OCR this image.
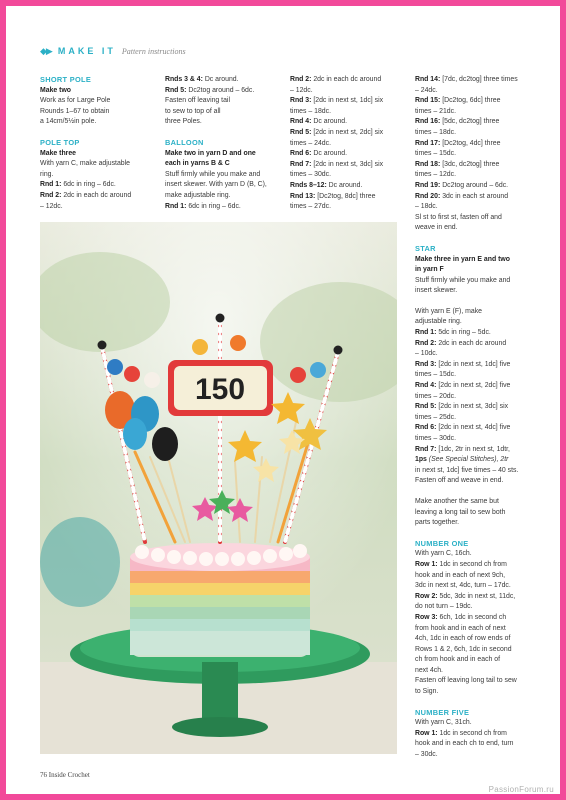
◆▶ MAKE IT Pattern instructions
SHORT POLE
Make two
Work as for Large Pole
Rounds 1–67 to obtain
a 14cm/5½in pole.
POLE TOP
Make three
With yarn C, make adjustable
ring.
Rnd 1: 6dc in ring – 6dc.
Rnd 2: 2dc in each dc around
– 12dc.
Rnds 3 & 4: Dc around.
Rnd 5: Dc2tog around – 6dc.
Fasten off leaving tail
to sew to top of all
three Poles.
BALLOON
Make two in yarn D and one
each in yarns B & C
Stuff firmly while you make and
insert skewer. With yarn D (B, C),
make adjustable ring.
Rnd 1: 6dc in ring – 6dc.
Rnd 2: 2dc in each dc around
– 12dc.
Rnd 3: [2dc in next st, 1dc] six
times – 18dc.
Rnd 4: Dc around.
Rnd 5: [2dc in next st, 2dc] six
times – 24dc.
Rnd 6: Dc around.
Rnd 7: [2dc in next st, 3dc] six
times – 30dc.
Rnds 8–12: Dc around.
Rnd 13: [Dc2tog, 8dc] three
times – 27dc.
Rnd 14: [7dc, dc2tog] three times
– 24dc.
Rnd 15: [Dc2tog, 6dc] three
times – 21dc.
Rnd 16: [5dc, dc2tog] three
times – 18dc.
Rnd 17: [Dc2tog, 4dc] three
times – 15dc.
Rnd 18: [3dc, dc2tog] three
times – 12dc.
Rnd 19: Dc2tog around – 6dc.
Rnd 20: 3dc in each st around
– 18dc.
Sl st to first st, fasten off and
weave in end.
STAR
Make three in yarn E and two
in yarn F
Stuff firmly while you make and
insert skewer.
With yarn E (F), make
adjustable ring.
Rnd 1: 5dc in ring – 5dc.
Rnd 2: 2dc in each dc around
– 10dc.
Rnd 3: [2dc in next st, 1dc] five
times – 15dc.
Rnd 4: [2dc in next st, 2dc] five
times – 20dc.
Rnd 5: [2dc in next st, 3dc] six
times – 25dc.
Rnd 6: [2dc in next st, 4dc] five
times – 30dc.
Rnd 7: [1dc, 2tr in next st, 1dtr,
1ps (See Special Stitches), 2tr
in next st, 1dc] five times – 40 sts.
Fasten off and weave in end.
Make another the same but
leaving a long tail to sew both
parts together.
NUMBER ONE
With yarn C, 16ch.
Row 1: 1dc in second ch from
hook and in each of next 9ch,
3dc in next st, 4dc, turn – 17dc.
Row 2: 5dc, 3dc in next st, 11dc,
do not turn – 19dc.
Row 3: 6ch, 1dc in second ch
from hook and in each of next
4ch, 1dc in each of row ends of
Rows 1 & 2, 6ch, 1dc in second
ch from hook and in each of
next 4ch.
Fasten off leaving long tail to sew
to Sign.
NUMBER FIVE
With yarn C, 31ch.
Row 1: 1dc in second ch from
hook and in each ch to end, turn
– 30dc.
150
76 Inside Crochet
PassionForum.ru
